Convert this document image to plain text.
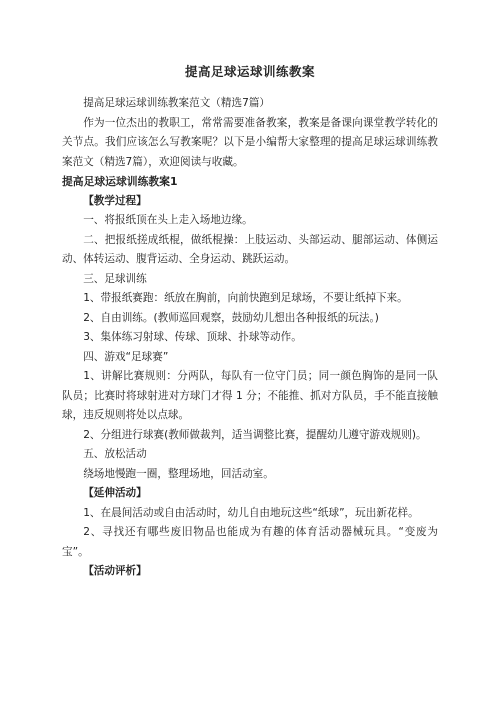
提高足球运球训练教案

提高足球运球训练教案范文（精选7篇）

作为一位杰出的教职工，常常需要准备教案，教案是备课向课堂教学转化的关节点。我们应该怎么写教案呢？以下是小编帮大家整理的提高足球运球训练教案范文（精选7篇），欢迎阅读与收藏。

提高足球运球训练教案1

【教学过程】

一、将报纸顶在头上走入场地边缘。

二、把报纸搓成纸棍，做纸棍操：上肢运动、头部运动、腿部运动、体侧运动、体转运动、腹背运动、全身运动、跳跃运动。

三、足球训练

1、带报纸赛跑：纸放在胸前，向前快跑到足球场，不要让纸掉下来。

2、自由训练。(教师巡回观察，鼓励幼儿想出各种报纸的玩法。)

3、集体练习射球、传球、顶球、扑球等动作。

四、游戏“足球赛”

1、讲解比赛规则：分两队，每队有一位守门员；同一颜色胸饰的是同一队队员；比赛时将球射进对方球门才得 1 分；不能推、抓对方队员，手不能直接触球，违反规则将处以点球。

2、分组进行球赛(教师做裁判，适当调整比赛，提醒幼儿遵守游戏规则)。

五、放松活动

绕场地慢跑一圈，整理场地，回活动室。

【延伸活动】

1、在晨间活动或自由活动时，幼儿自由地玩这些“纸球”，玩出新花样。

2、寻找还有哪些废旧物品也能成为有趣的体育活动器械玩具。“变废为宝”。

【活动评析】
